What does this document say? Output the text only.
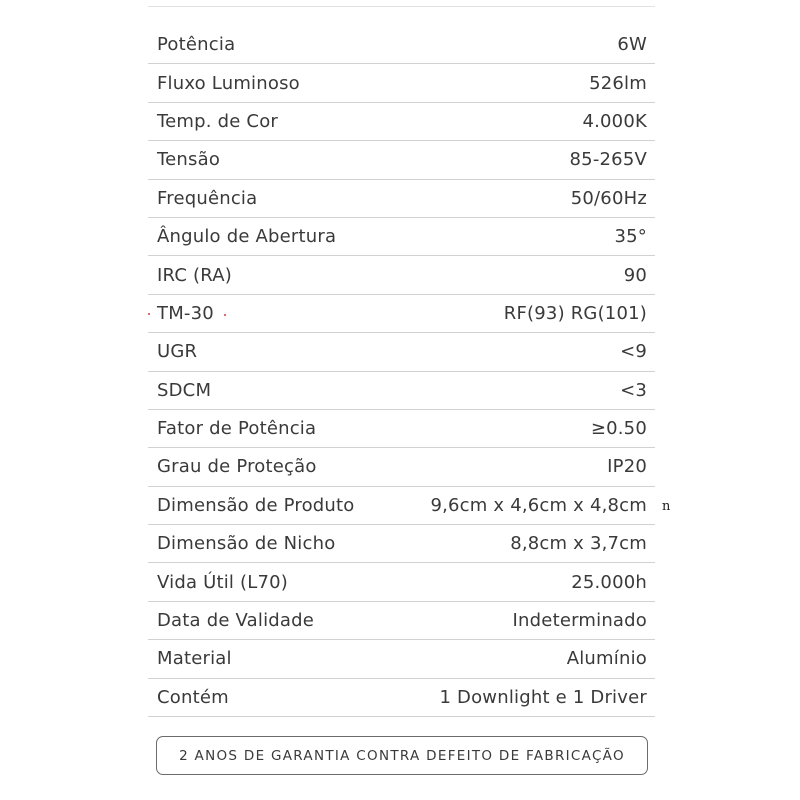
Potência	6W
Fluxo Luminoso	526lm
Temp. de Cor	4.000K
Tensão	85-265V
Frequência	50/60Hz
Ângulo de Abertura	35°
IRC (RA)	90
TM-30	RF(93) RG(101)
UGR	<9
SDCM	<3
Fator de Potência	≥0.50
Grau de Proteção	IP20
Dimensão de Produto	9,6cm x 4,6cm x 4,8cm
Dimensão de Nicho	8,8cm x 3,7cm
Vida Útil (L70)	25.000h
Data de Validade	Indeterminado
Material	Alumínio
Contém	1 Downlight e 1 Driver
n
2 ANOS DE GARANTIA CONTRA DEFEITO DE FABRICAÇÃO
